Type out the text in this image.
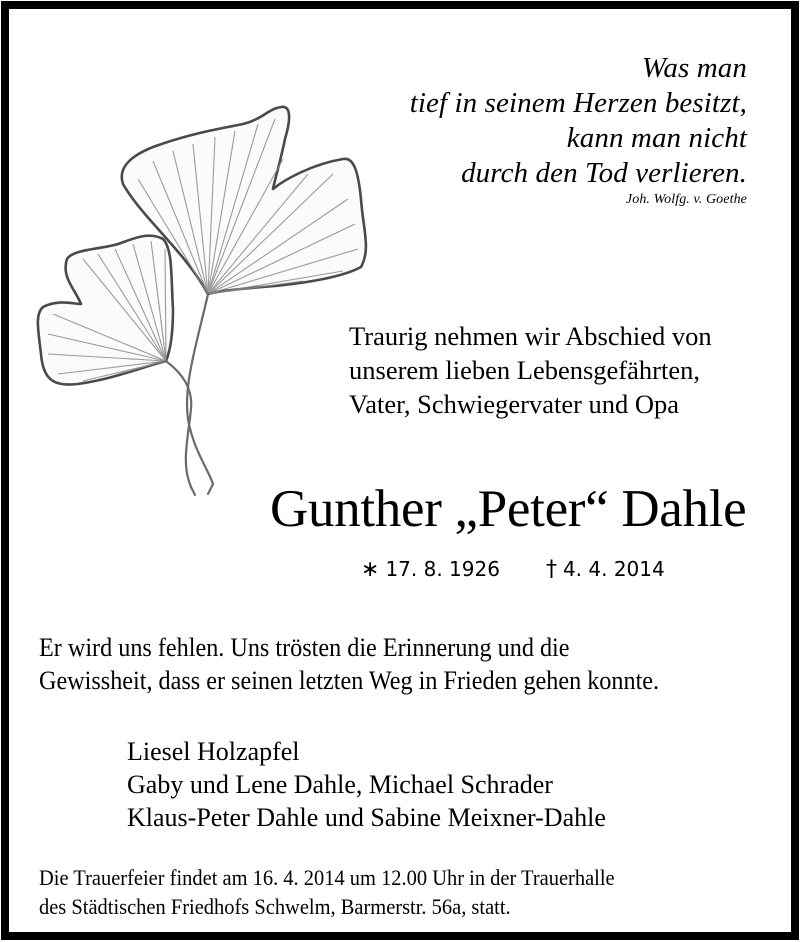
Was man
tief in seinem Herzen besitzt,
kann man nicht
durch den Tod verlieren.
Joh. Wolfg. v. Goethe
Traurig nehmen wir Abschied von
unserem lieben Lebensgefährten,
Vater, Schwiegervater und Opa
Gunther „Peter“ Dahle
∗ 17. 8. 1926 † 4. 4. 2014
Er wird uns fehlen. Uns trösten die Erinnerung und die
Gewissheit, dass er seinen letzten Weg in Frieden gehen konnte.
Liesel Holzapfel
Gaby und Lene Dahle, Michael Schrader
Klaus-Peter Dahle und Sabine Meixner-Dahle
Die Trauerfeier findet am 16. 4. 2014 um 12.00 Uhr in der Trauerhalle
des Städtischen Friedhofs Schwelm, Barmerstr. 56a, statt.
